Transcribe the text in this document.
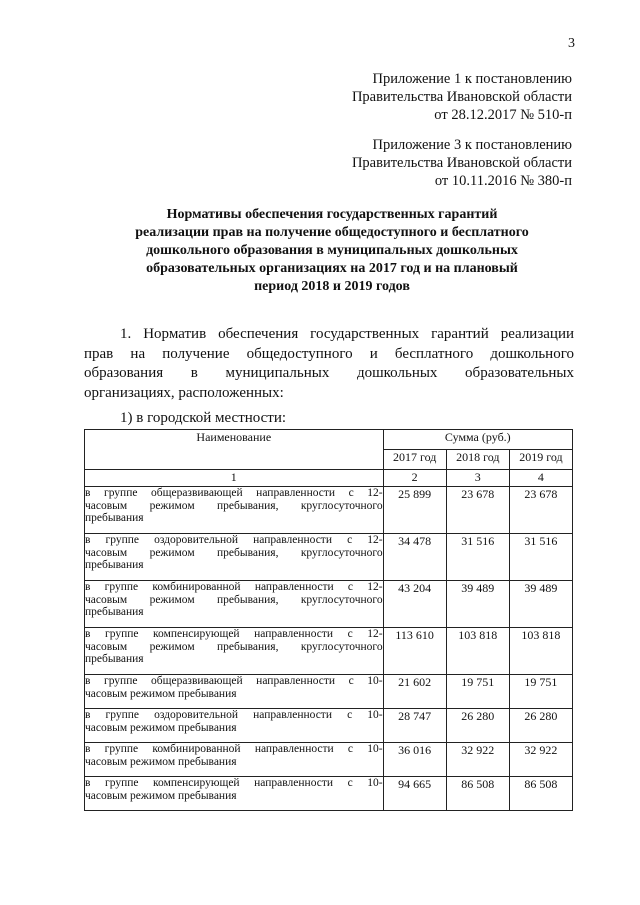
3
Приложение 1 к постановлению
Правительства Ивановской области
от 28.12.2017 № 510-п
Приложение 3 к постановлению
Правительства Ивановской области
от 10.11.2016 № 380-п
Нормативы обеспечения государственных гарантий
реализации прав на получение общедоступного и бесплатного
дошкольного образования в муниципальных дошкольных
образовательных организациях на 2017 год и на плановый
период 2018 и 2019 годов
1. Норматив обеспечения государственных гарантий реализации
прав на получение общедоступного и бесплатного дошкольного
образования в муниципальных дошкольных образовательных
организациях, расположенных:
1) в городской местности:
Наименование	Сумма (руб.)		
	2017 год	2018 год	2019 год
1	2	3	4

в группе общеразвивающей направленности с 12-
часовым режимом пребывания, круглосуточного
пребывания	25 899	23 678	23 678

в группе оздоровительной направленности с 12-
часовым режимом пребывания, круглосуточного
пребывания	34 478	31 516	31 516

в группе комбинированной направленности с 12-
часовым режимом пребывания, круглосуточного
пребывания	43 204	39 489	39 489

в группе компенсирующей направленности с 12-
часовым режимом пребывания, круглосуточного
пребывания	113 610	103 818	103 818

в группе общеразвивающей направленности с 10-
часовым режимом пребывания	21 602	19 751	19 751

в группе оздоровительной направленности с 10-
часовым режимом пребывания	28 747	26 280	26 280

в группе комбинированной направленности с 10-
часовым режимом пребывания	36 016	32 922	32 922

в группе компенсирующей направленности с 10-
часовым режимом пребывания	94 665	86 508	86 508
